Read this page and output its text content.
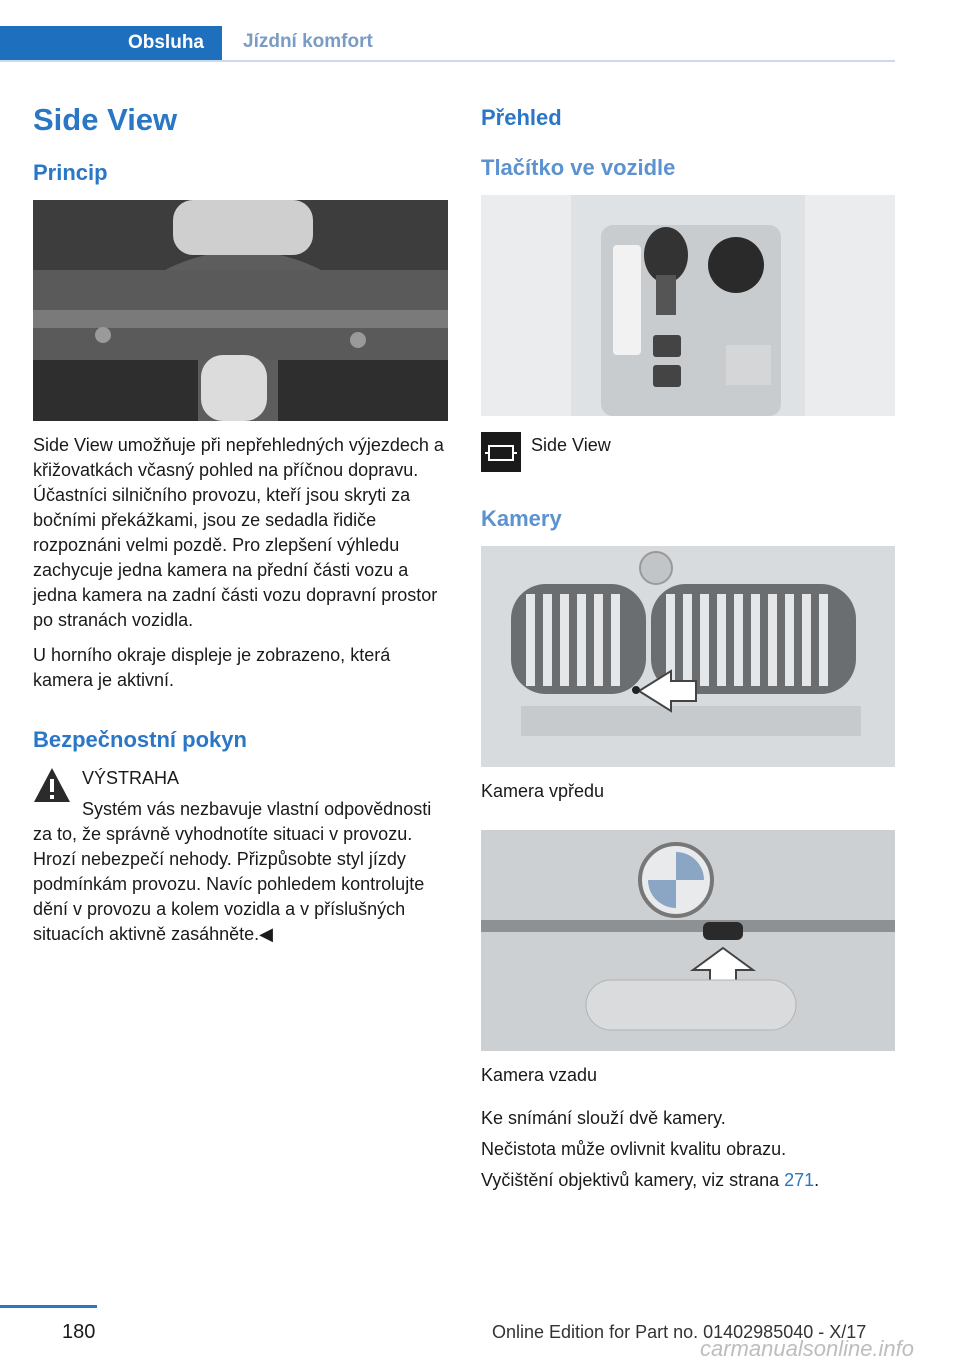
Obsluha	Jízdní komfort
Side View
Princip

Side View umožňuje při nepřehledných výjezdech a křižovatkách včasný pohled na příčnou dopravu. Účastníci silničního provozu, kteří jsou skryti za bočními překážkami, jsou ze sedadla řidiče rozpoznáni velmi pozdě. Pro zlepšení výhledu zachycuje jedna kamera na přední části vozu a jedna kamera na zadní části vozu dopravní prostor po stranách vozidla.

U horního okraje displeje je zobrazeno, která kamera je aktivní.

Bezpečnostní pokyn
VÝSTRAHA

Systém vás nezbavuje vlastní odpovědnosti za to, že správně vyhodnotíte situaci v provozu. Hrozí nebezpečí nehody. Přizpůsobte styl jízdy podmínkám provozu. Navíc pohledem kontrolujte dění v provozu a kolem vozidla a v příslušných situacích aktivně zasáhněte.◀

Přehled
Tlačítko ve vozidle
Side View
Kamery
Kamera vpředu
Kamera vzadu
Ke snímání slouží dvě kamery.
Nečistota může ovlivnit kvalitu obrazu.
Vyčištění objektivů kamery, viz strana 271.
180	Online Edition for Part no. 01402985040 - X/17
carmanualsonline.info
